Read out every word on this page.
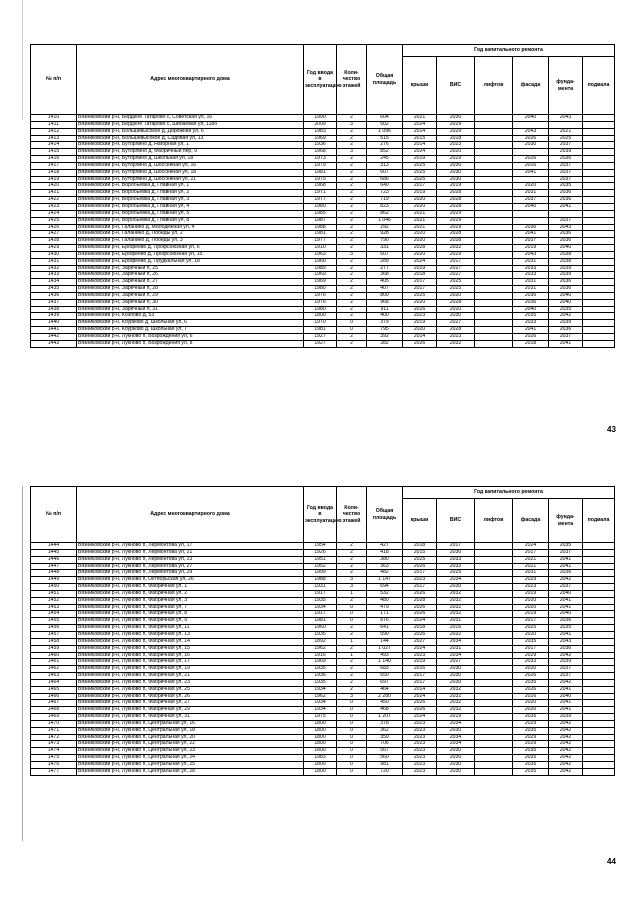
№ п/п	Адрес многоквартирного дома	Год ввода в эксплуатацию	Коли-чество этажей	Общая площадь	Год капитального ремонта					
					крыши	ВИС	лифтов	фасада	фунда-мента	подвала
1410	Вязниковский р-н, Бердюге Татарово с, Советская ул, 16	1990	2	604	2021	2030		2040	2043	
1411	Вязниковский р-н, Бердюге Татарово с, Шибаевая ул, 118б	2009	3	502	2024	2029				
1412	Вязниковский р-н, Большевысокое д, Дорожная ул, 6	1983	2	1 096	2014	2029		2043	2021	
1413	Вязниковский р-н, Большевысокое д, Садовая ул, 13	1969	2	515	2015	2018		2026	2025	
1414	Вязниковский р-н, Буторлино д, Нагорная ул, 1	1936	2	276	2014	2023		2030	2037	
1415	Вязниковский р-н, Буторлино д, Фабричный пер, 9	1968	3	852	2024	2020			2039	
1416	Вязниковский р-н, Буторлино д, Школьная ул, 18	1973	2	245	2019	2029		2026	2036	
1417	Вязниковский р-н, Буторлино д, Шоссейная ул, 16	1979	2	313	2025	2030		2016	2037	
1418	Вязниковский р-н, Буторлино д, Шоссейная ул, 18	1981	2	607	2025	2030		2041	2037	
1419	Вязниковский р-н, Буторлино д, Шоссейная ул, 21	1975	2	686	2025	2030			2037	
1420	Вязниковский р-н, Воробьевка д, Главная ул, 1	1968	2	640	2017	2019		2020	2035	
1421	Вязниковский р-н, Воробьевка д, Главная ул, 2	1971	2	723	2019	2028		2031	2036	
1422	Вязниковский р-н, Воробьевка д, Главная ул, 3	1977	2	719	2020	2028		2037	2036	
1423	Вязниковский р-н, Воробьевка д, Главная ул, 4	1980	2	823	2020	2028		2040	2041	
1424	Вязниковский р-н, Воробьевка д, Главная ул, 5	1985	2	862	2021	2029				
1425	Вязниковский р-н, Воробьевка д, Главная ул, 8	1987	2	1 046	2021	2029			2037	
1426	Вязниковский р-н, Галанино д, Молодежная ул, 4	1988	2	292	2021	2029		2036	2043	
1427	Вязниковский р-н, Галанино д, Победы ул, 2	1981	2	928	2020	2028		2041	2036	
1428	Вязниковский р-н, Галанино д, Победы ул, 3	1977	2	790	2020	2028		2037	2036	
1429	Вязниковский р-н, Ерофеево д, Профсоюзная ул, 6	1910	2	331	2028	2032		2019	2040	
1430	Вязниковский р-н, Ерофеево д, Профсоюзная ул, 15	1963	3	607	2020	2029		2043	2038	
1431	Вязниковский р-н, Ерофеево д, Прудкальная ул, 18	1960	2	289	2024	2017		2031	2038	
1432	Вязниковский р-н, Заречный п, 25	1989	2	277	2019	2027		2033	2039	
1433	Вязниковский р-н, Заречный п, 26	1969	2	368	2018	2027		2033	2039	
1434	Вязниковский р-н, Заречный п, 27	1969	2	405	2017	2025		2031	2036	
1435	Вязниковский р-н, Заречный п, 28	1980	2	407	2017	2025		2031	2036	
1436	Вязниковский р-н, Заречный п, 29	1976	2	800	2025	2020		2036	2040	
1437	Вязниковский р-н, Заречный п, 30	1976	2	968	2020	2028		2036	2040	
1438	Вязниковский р-н, Заречный п, 31	1980	2	911	2016	2020		2040	2035	
1439	Вязниковский р-н, Козлово д, 53	1800	2	400	2023	2030		2035	2042	
1440	Вязниковский р-н, Коурково д, Школьная ул, 6	1970	0	379	2019	2027		2033	2039	
1441	Вязниковский р-н, Коурково д, Школьная ул, 7	1981	0	795	2020	2028		2041	2036	
1442	Вязниковский р-н, Лукново п, Возрождения ул, 6	1927	2	392	2014	2023		2026	2037	
1443	Вязниковский р-н, Лукново п, Возрождения ул, 8	1927	2	382	2026	2032		2018	2041	
43
№ п/п	Адрес многоквартирного дома	Год ввода в эксплуатацию	Коли-чество этажей	Общая площадь	Год капитального ремонта					
					крыши	ВИС	лифтов	фасада	фунда-мента	подвала
1444	Вязниковский р-н, Лукново п, Лермонтова ул, 17	1954	2	427	2018	2017		2024	2035	
1445	Вязниковский р-н, Лукново п, Лермонтова ул, 21	1926	2	418	2015	2030		2017	2037	
1446	Вязниковский р-н, Лукново п, Лермонтова ул, 23	1951	2	380	2025	2033		2021	2041	
1447	Вязниковский р-н, Лукново п, Лермонтова ул, 27	1952	2	363	2026	2033		2021	2041	
1448	Вязниковский р-н, Лукново п, Лермонтова ул, 29	1999	2	482	2017	2025		2031	2036	
1449	Вязниковский р-н, Лукново п, Октябрьская ул, 26	1988	3	1 147	2023	2034		2029	2042	
1450	Вязниковский р-н, Лукново п, Фабричная ул, 1	1931	3	694	2017	2030		2023	2037	
1451	Вязниковский р-н, Лукново п, Фабричная ул, 2	1917	1	532	2026	2032		2019	2040	
1452	Вязниковский р-н, Лукново п, Фабричная ул, 3	1935	2	480	2028	2032		2020	2041	
1453	Вязниковский р-н, Лукново п, Фабричная ул, 7	1934	0	479	2026	2032		2020	2041	
1454	Вязниковский р-н, Лукново п, Фабричная ул, 8	1917	0	171	2026	2032		2019	2040	
1455	Вязниковский р-н, Лукново п, Фабричная ул, 9	1981	0	876	2024	2031		2017	2036	
1456	Вязниковский р-н, Лукново п, Фабричная ул, 11	1960	2	641	2018	2016		2025	2035	
1457	Вязниковский р-н, Лукново п, Фабричная ул, 13	1935	2	590	2026	2032		2020	2041	
1458	Вязниковский р-н, Лукново п, Фабричная ул, 14	1892	1	144	2027	2034		2035	2043	
1459	Вязниковский р-н, Лукново п, Фабричная ул, 15	1962	2	1 027	2024	2031		2017	2036	
1460	Вязниковский р-н, Лукново п, Фабричная ул, 16	1916	1	493	2023	2034		2029	2042	
1461	Вязниковский р-н, Лукново п, Фабричная ул, 17	1969	2	1 140	2019	2027		2033	2039	
1462	Вязниковский р-н, Лукново п, Фабричная ул, 19	1935	2	683	2016	2030		2020	2037	
1463	Вязниковский р-н, Лукново п, Фабричная ул, 21	1936	2	650	2017	2030		2026	2037	
1464	Вязниковский р-н, Лукново п, Фабричная ул, 23	1935	2	697	2017	2030		2035	2042	
1465	Вязниковский р-н, Лукново п, Фабричная ул, 25	1934	2	464	2014	2032		2026	2041	
1466	Вязниковский р-н, Лукново п, Фабричная ул, 26	1962	3	2 280	2024	2032		2016	2040	
1467	Вязниковский р-н, Лукново п, Фабричная ул, 27	1934	0	450	2026	2032		2020	2041	
1468	Вязниковский р-н, Лукново п, Фабричная ул, 29	1934	0	468	2026	2032		2020	2041	
1469	Вязниковский р-н, Лукново п, Фабричная ул, 31	1975	0	1 207	2024	2019		2035	2039	
1470	Вязниковский р-н, Лукново п, Центральная ул, 16	1800	0	378	2023	2034		2029	2042	
1471	Вязниковский р-н, Лукново п, Центральная ул, 18	1800	0	362	2023	2030		2035	2042	
1472	Вязниковский р-н, Лукново п, Центральная ул, 20	1800	0	359	2023	2034		2029	2042	
1473	Вязниковский р-н, Лукново п, Центральная ул, 22	1800	0	706	2023	2034		2029	2042	
1474	Вязниковский р-н, Лукново п, Центральная ул, 23	1800	0	567	2023	2030		2035	2042	
1475	Вязниковский р-н, Лукново п, Центральная ул, 24	1983	0	560	2023	2030		2035	2042	
1476	Вязниковский р-н, Лукново п, Центральная ул, 25	1800	0	981	2023	2030		2035	2042	
1477	Вязниковский р-н, Лукново п, Центральная ул, 28	1800	0	720	2023	2030		2035	2042	
44
